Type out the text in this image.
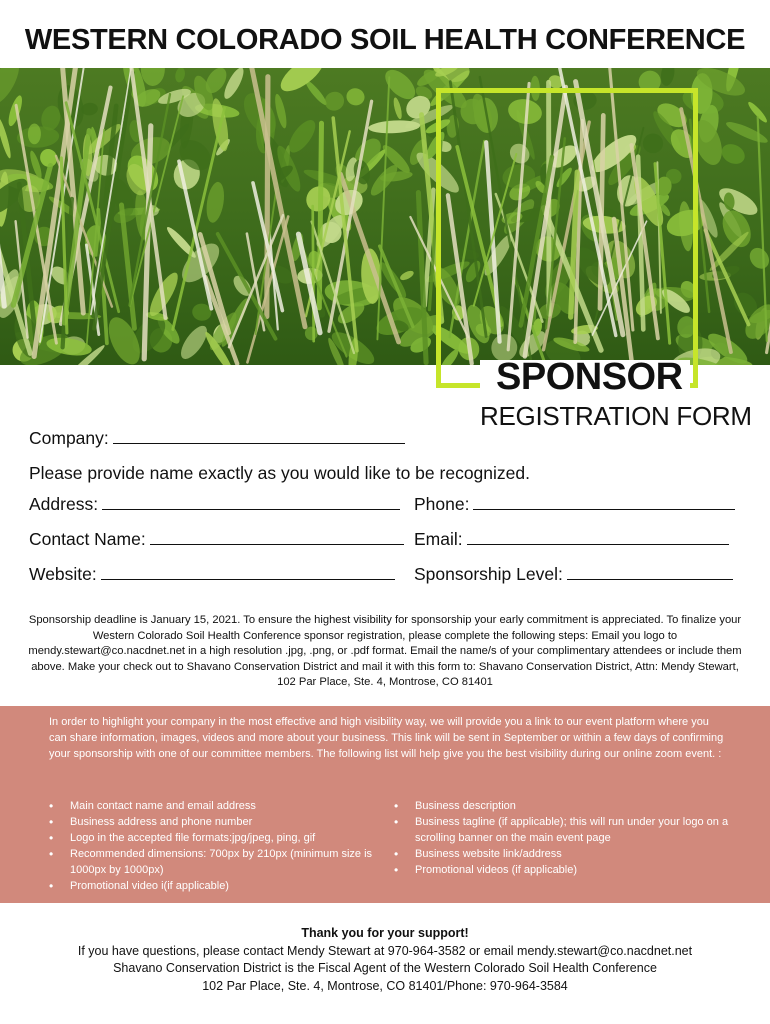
WESTERN COLORADO SOIL HEALTH CONFERENCE
SPONSOR
REGISTRATION FORM
Company:
Please provide name exactly as you would like to be recognized.
Address:	Phone:
Contact Name:	Email:
Website:	Sponsorship Level:
Sponsorship deadline is January 15, 2021. To ensure the highest visibility for sponsorship your early commitment is appreciated. To finalize your Western Colorado Soil Health Conference sponsor registration, please complete the following steps: Email you logo to mendy.stewart@co.nacdnet.net in a high resolution .jpg, .png, or .pdf format. Email the name/s of your complimentary attendees or include them above. Make your check out to Shavano Conservation District and mail it with this form to: Shavano Conservation District, Attn: Mendy Stewart, 102 Par Place, Ste. 4, Montrose, CO 81401
In order to highlight your company in the most effective and high visibility way, we will provide you a link to our event platform where you can share information, images, videos and more about your business. This link will be sent in September or within a few days of confirming your sponsorship with one of our committee members. The following list will help give you the best visibility during our online zoom event. :
• Main contact name and email address
• Business address and phone number
• Logo in the accepted file formats:jpg/jpeg, ping, gif
• Recommended dimensions: 700px by 210px (minimum size is 1000px by 1000px)
• Promotional video i(if applicable)
• Business description
• Business tagline (if applicable); this will run under your logo on a scrolling banner on the main event page
• Business website link/address
• Promotional videos (if applicable)
Thank you for your support!
If you have questions, please contact Mendy Stewart at 970-964-3582 or email mendy.stewart@co.nacdnet.net
Shavano Conservation District is the Fiscal Agent of the Western Colorado Soil Health Conference
102 Par Place, Ste. 4, Montrose, CO 81401/Phone: 970-964-3584
